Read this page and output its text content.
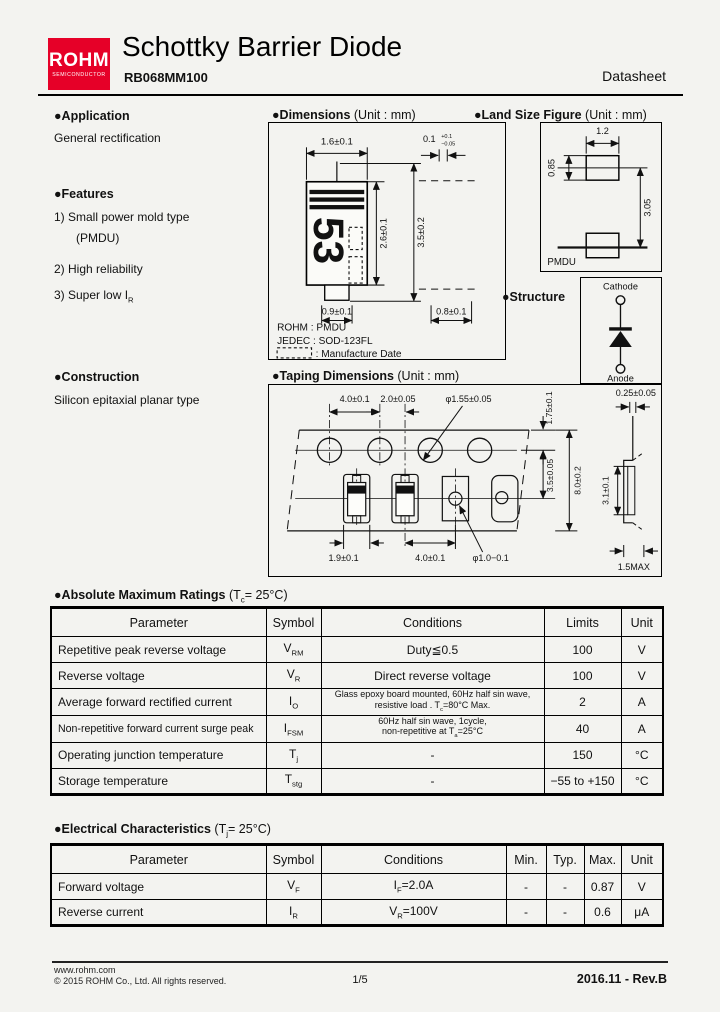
ROHM
SEMICONDUCTOR
Schottky Barrier Diode
RB068MM100	Datasheet
●Application
General rectification
●Features
1) Small power mold type
(PMDU)
2) High reliability
3) Super low $I_R$
●Construction
Silicon epitaxial planar type
●Dimensions (Unit : mm)
1.6±0.1
53
0.9±0.1
2.6±0.1	3.5±0.2
0.1 +0.1
−0.05
0.8±0.1
ROHM : PMDU
JEDEC : SOD-123FL
: Manufacture Date
●Land Size Figure (Unit : mm)
1.2
0.85
3.05
PMDU
●Structure
Cathode
Anode
●Taping Dimensions (Unit : mm)
4.0±0.1 2.0±0.05	φ1.55±0.05	1.75±0.1
3.5±0.05 8.0±0.2
1.9±0.1	4.0±0.1	φ1.0−0.1
0.25±0.05
3.1±0.1
1.5MAX
●Absolute Maximum Ratings $(T_c= 25^\circ C)$
Parameter	Symbol	Conditions	Limits	Unit
Repetitive peak reverse voltage	$V_{RM}$	Duty≦0.5	100	V
Reverse voltage	$V_R$	Direct reverse voltage	100	V
Average forward rectified current	$I_O$	Glass epoxy board mounted, 60Hz half sin wave,
resistive load . $T_c=80^\circ C$ Max.	2	A
Non-repetitive forward current surge peak	$I_{FSM}$	60Hz half sin wave, 1cycle,
non-repetitive at $T_a=25^\circ C$	40	A
Operating junction temperature	$T_j$	-	150	°C
Storage temperature	$T_{stg}$	-	−55 to +150	°C
●Electrical Characteristics $(T_j= 25^\circ C)$
Parameter	Symbol	Conditions	Min.	Typ.	Max.	Unit
Forward voltage	$V_F$	$I_F=2.0A$	-	-	0.87	V
Reverse current	$I_R$	$V_R=100V$	-	-	0.6	μA
www.rohm.com
© 2015 ROHM Co., Ltd. All rights reserved.	1/5	2016.11 - Rev.B
